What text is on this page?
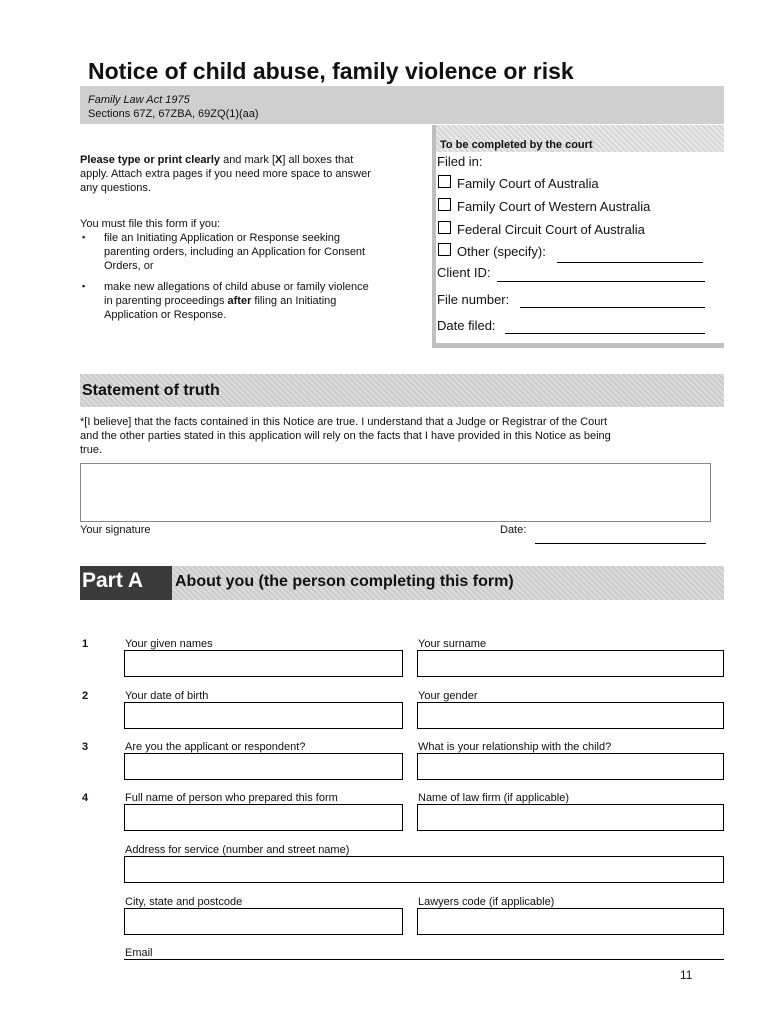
Notice of child abuse, family violence or risk
Family Law Act 1975
Sections 67Z, 67ZBA, 69ZQ(1)(aa)
Please type or print clearly and mark [X] all boxes that
apply. Attach extra pages if you need more space to answer
any questions.
You must file this form if you:
▪ file an Initiating Application or Response seeking
parenting orders, including an Application for Consent
Orders, or
▪ make new allegations of child abuse or family violence
in parenting proceedings after filing an Initiating
Application or Response.
To be completed by the court
Filed in:
Family Court of Australia
Family Court of Western Australia
Federal Circuit Court of Australia
Other (specify):
Client ID:
File number:
Date filed:
Statement of truth
*[I believe] that the facts contained in this Notice are true. I understand that a Judge or Registrar of the Court
and the other parties stated in this application will rely on the facts that I have provided in this Notice as being
true.
Your signature	Date:
Part A About you (the person completing this form)
1	Your given names	Your surname
2	Your date of birth	Your gender
3	Are you the applicant or respondent?	What is your relationship with the child?
4	Full name of person who prepared this form	Name of law firm (if applicable)
Address for service (number and street name)
City, state and postcode	Lawyers code (if applicable)
Email
11
